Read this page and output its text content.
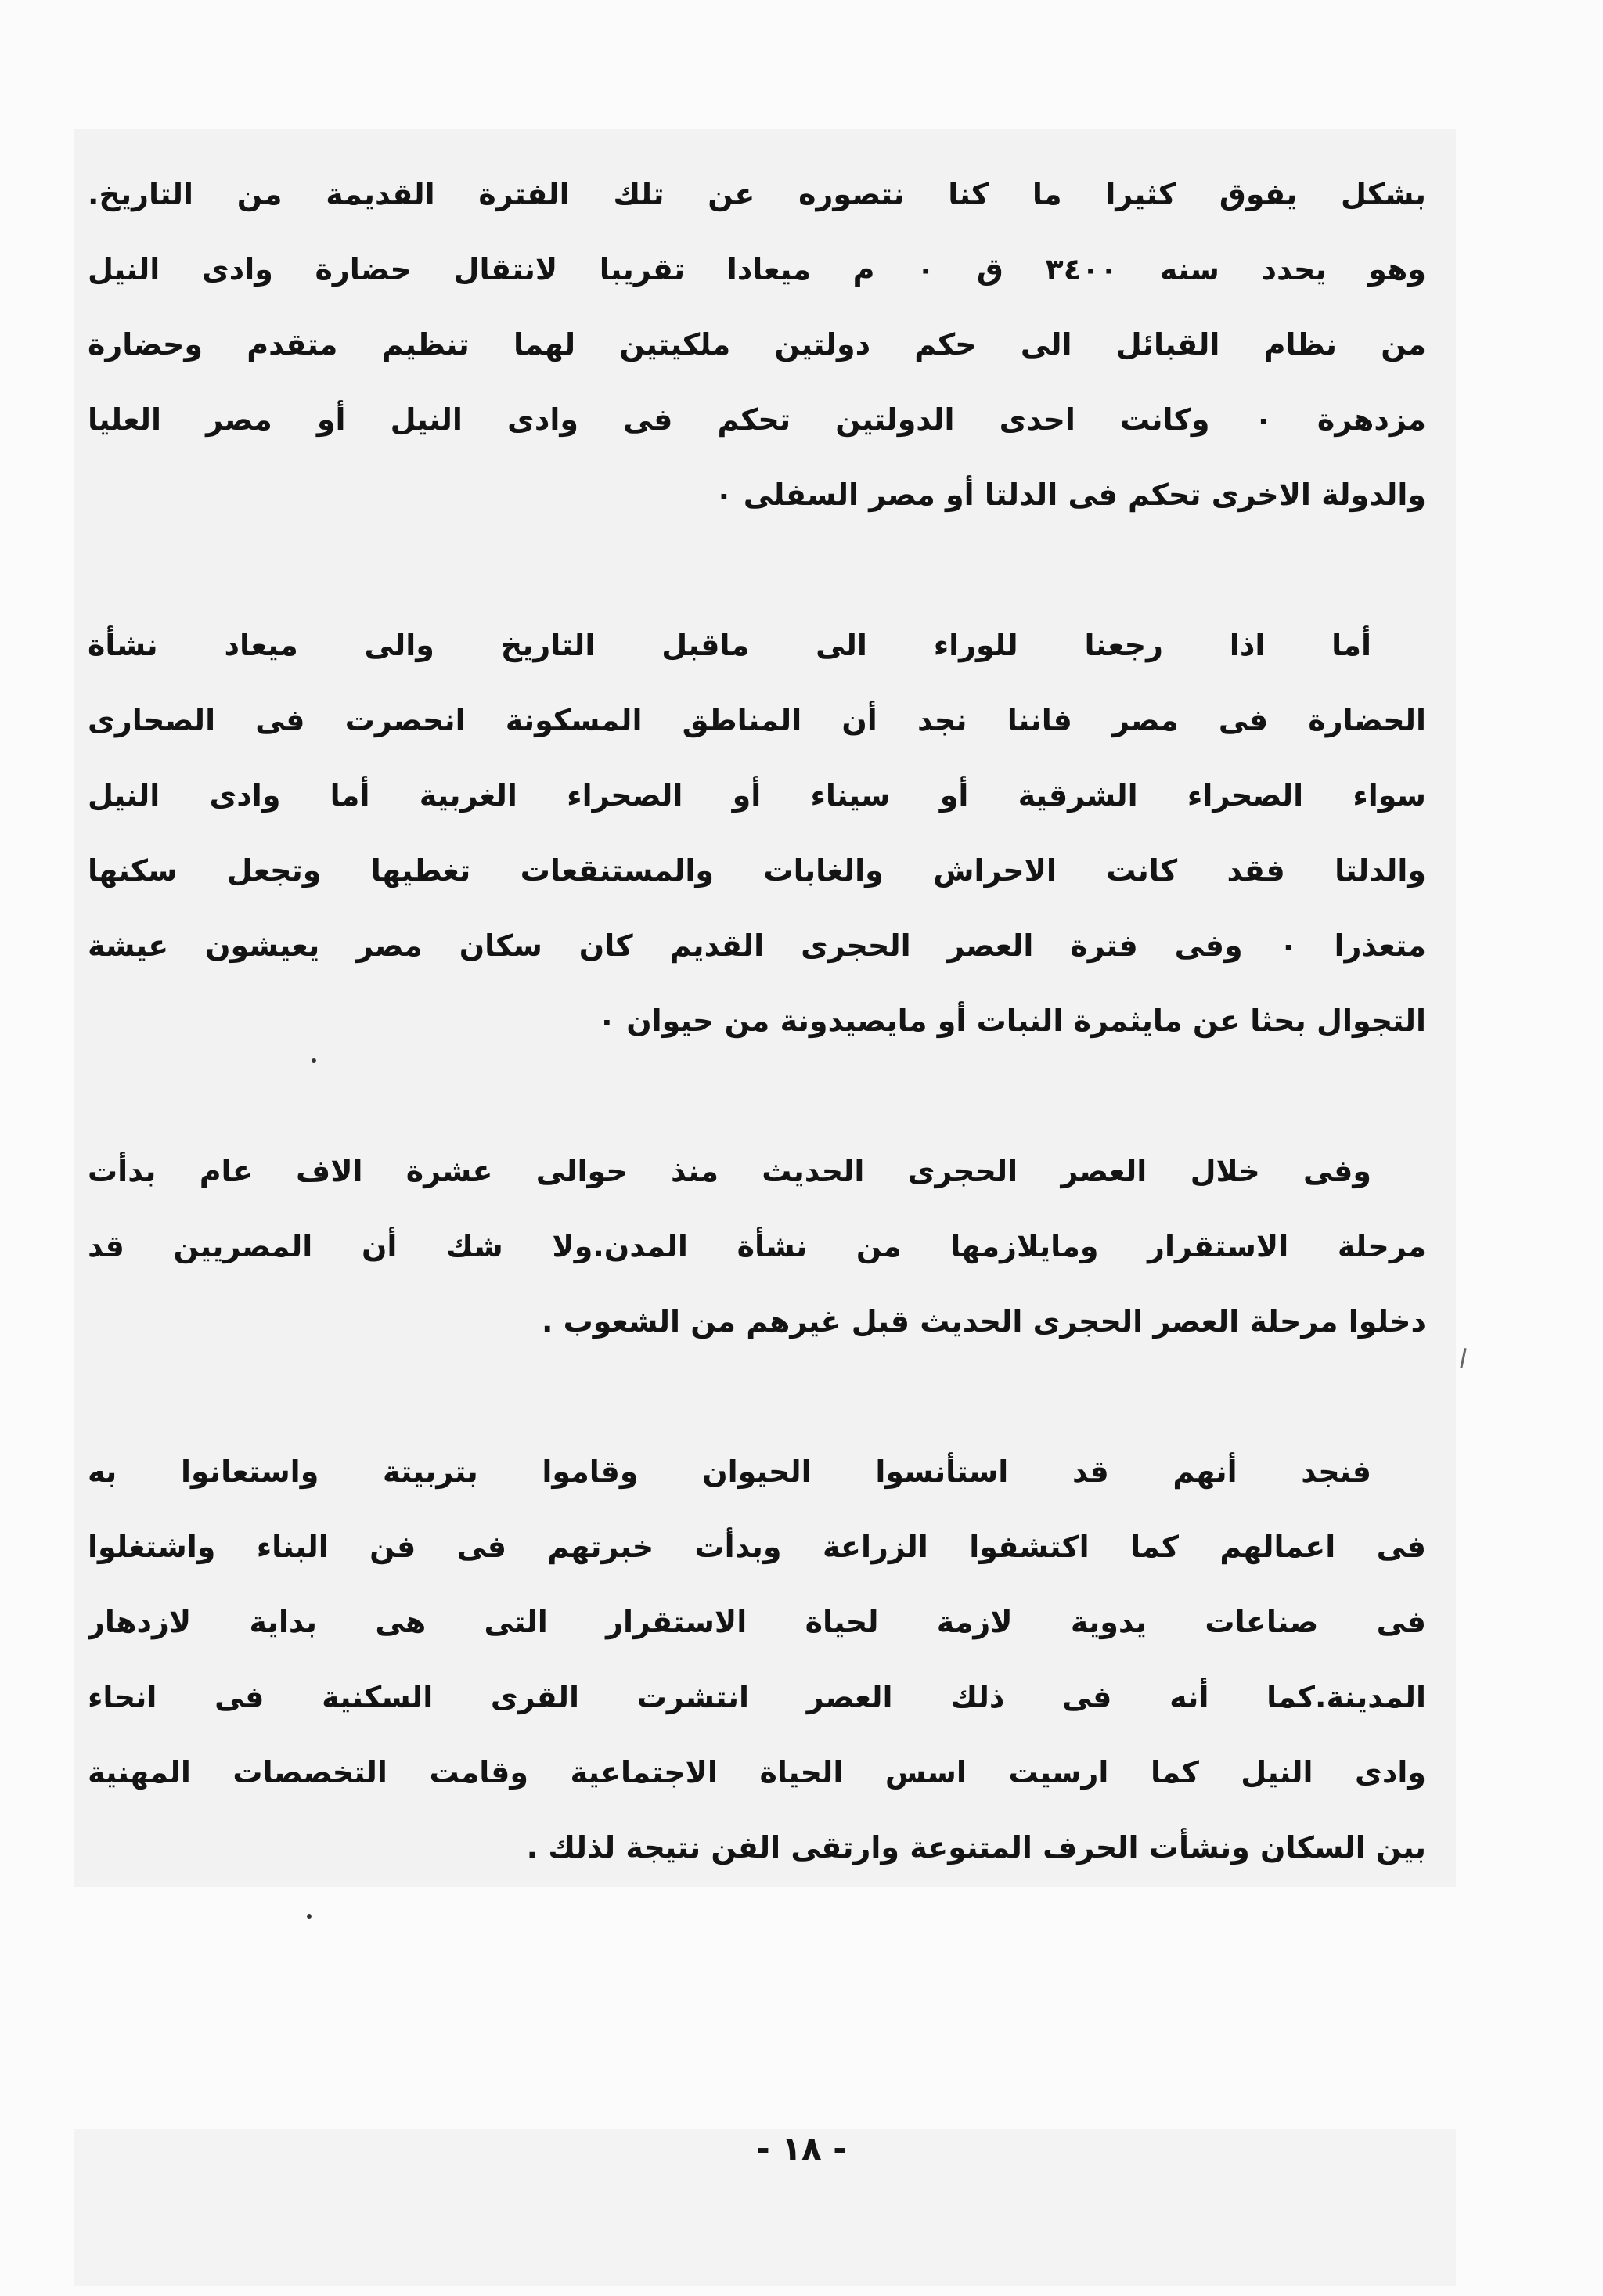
بشكل يفوق كثيرا ما كنا نتصوره عن تلك الفترة القديمة من التاريخ.
وهو يحدد سنه ٣٤٠٠ ق ٠ م ميعادا تقريبا لانتقال حضارة وادى النيل
من نظام القبائل الى حكم دولتين ملكيتين لهما تنظيم متقدم وحضارة
مزدهرة ٠ وكانت احدى الدولتين تحكم فى وادى النيل أو مصر العليا
والدولة الاخرى تحكم فى الدلتا أو مصر السفلى ٠
أما اذا رجعنا للوراء الى ماقبل التاريخ والى ميعاد نشأة
الحضارة فى مصر فاننا نجد أن المناطق المسكونة انحصرت فى الصحارى
سواء الصحراء الشرقية أو سيناء أو الصحراء الغربية أما وادى النيل
والدلتا فقد كانت الاحراش والغابات والمستنقعات تغطيها وتجعل سكنها
متعذرا ٠ وفى فترة العصر الحجرى القديم كان سكان مصر يعيشون عيشة
التجوال بحثا عن مايثمرة النبات أو مايصيدونة من حيوان ٠
وفى خلال العصر الحجرى الحديث منذ حوالى عشرة الاف عام بدأت
مرحلة الاستقرار ومايلازمها من نشأة المدن.ولا شك أن المصريين قد
دخلوا مرحلة العصر الحجرى الحديث قبل غيرهم من الشعوب .
فنجد أنهم قد استأنسوا الحيوان وقاموا بتربيتة واستعانوا به
فى اعمالهم كما اكتشفوا الزراعة وبدأت خبرتهم فى فن البناء واشتغلوا
فى صناعات يدوية لازمة لحياة الاستقرار التى هى بداية لازدهار
المدينة.كما أنه فى ذلك العصر انتشرت القرى السكنية فى انحاء
وادى النيل كما ارسيت اسس الحياة الاجتماعية وقامت التخصصات المهنية
بين السكان ونشأت الحرف المتنوعة وارتقى الفن نتيجة لذلك .
- ١٨ -
